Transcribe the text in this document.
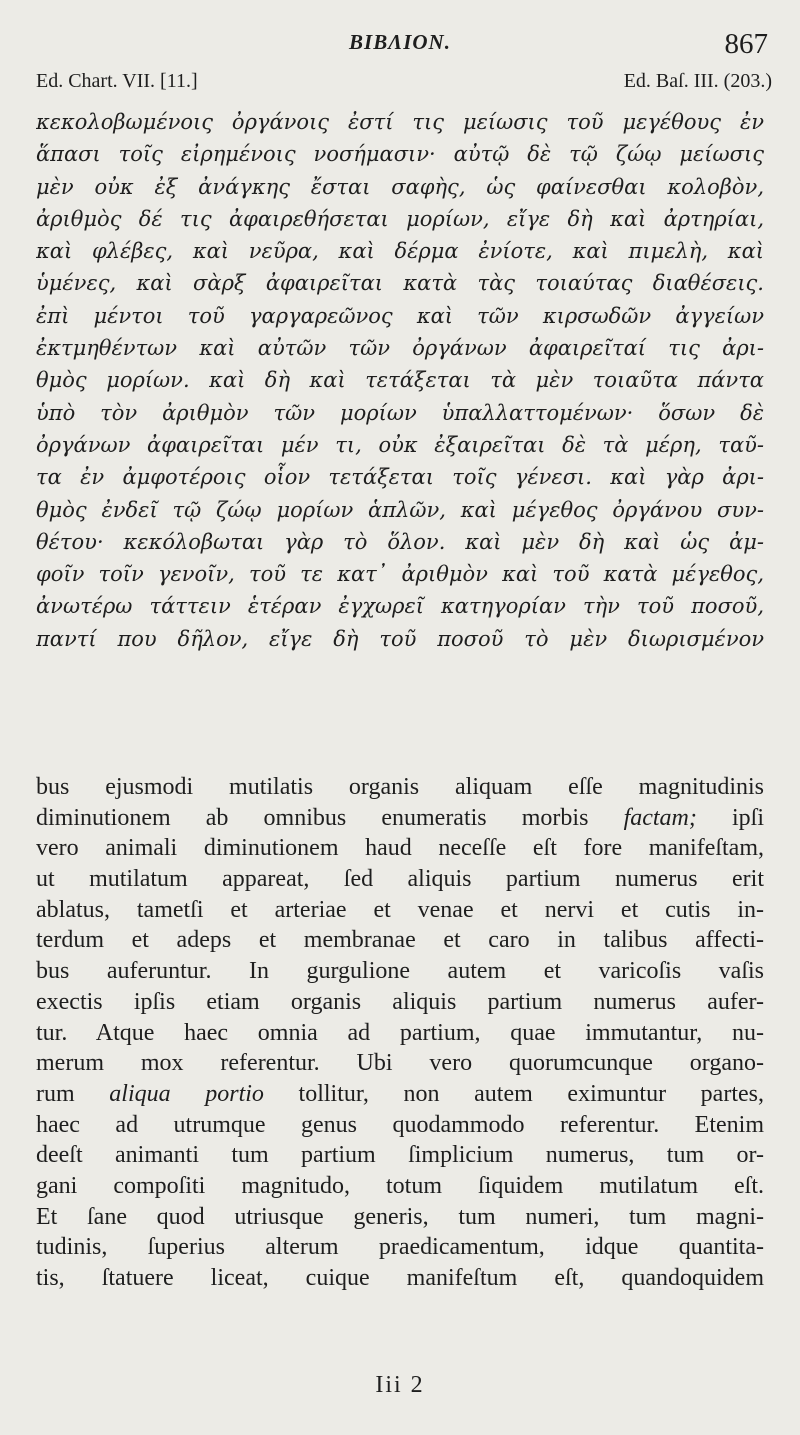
BIBΛION.	867
Ed. Chart. VII. [11.]	Ed. Baſ. III. (203.)
κεκολοβωμένοις ὀργάνοις ἐστί τις μείωσις τοῦ μεγέθους ἐν
ἅπασι τοῖς εἰρημένοις νοσήμασιν· αὐτῷ δὲ τῷ ζώῳ μείωσις
μὲν οὐκ ἐξ ἀνάγκης ἔσται σαφὴς, ὡς φαίνεσθαι κολοβὸν,
ἀριθμὸς δέ τις ἀφαιρεθήσεται μορίων, εἴγε δὴ καὶ ἀρτηρίαι,
καὶ φλέβες, καὶ νεῦρα, καὶ δέρμα ἐνίοτε, καὶ πιμελὴ, καὶ
ὑμένες, καὶ σὰρξ ἀφαιρεῖται κατὰ τὰς τοιαύτας διαθέσεις.
ἐπὶ μέντοι τοῦ γαργαρεῶνος καὶ τῶν κιρσωδῶν ἀγγείων
ἐκτμηθέντων καὶ αὐτῶν τῶν ὀργάνων ἀφαιρεῖταί τις ἀρι-
θμὸς μορίων. καὶ δὴ καὶ τετάξεται τὰ μὲν τοιαῦτα πάντα
ὑπὸ τὸν ἀριθμὸν τῶν μορίων ὑπαλλαττομένων· ὅσων δὲ
ὀργάνων ἀφαιρεῖται μέν τι, οὐκ ἐξαιρεῖται δὲ τὰ μέρη, ταῦ-
τα ἐν ἀμφοτέροις οἷον τετάξεται τοῖς γένεσι. καὶ γὰρ ἀρι-
θμὸς ἐνδεῖ τῷ ζώῳ μορίων ἁπλῶν, καὶ μέγεθος ὀργάνου συν-
θέτου· κεκόλοβωται γὰρ τὸ ὅλον. καὶ μὲν δὴ καὶ ὡς ἀμ-
φοῖν τοῖν γενοῖν, τοῦ τε κατ᾽ ἀριθμὸν καὶ τοῦ κατὰ μέγεθος,
ἀνωτέρω τάττειν ἑτέραν ἐγχωρεῖ κατηγορίαν τὴν τοῦ ποσοῦ,
παντί που δῆλον, εἴγε δὴ τοῦ ποσοῦ τὸ μὲν διωρισμένον
bus ejusmodi mutilatis organis aliquam eſſe magnitudinis
diminutionem ab omnibus enumeratis morbis factam; ipſi
vero animali diminutionem haud neceſſe eſt fore manifeſtam,
ut mutilatum appareat, ſed aliquis partium numerus erit
ablatus, tametſi et arteriae et venae et nervi et cutis in-
terdum et adeps et membranae et caro in talibus affecti-
bus auferuntur. In gurgulione autem et varicoſis vaſis
exectis ipſis etiam organis aliquis partium numerus aufer-
tur. Atque haec omnia ad partium, quae immutantur, nu-
merum mox referentur. Ubi vero quorumcunque organo-
rum aliqua portio tollitur, non autem eximuntur partes,
haec ad utrumque genus quodammodo referentur. Etenim
deeſt animanti tum partium ſimplicium numerus, tum or-
gani compoſiti magnitudo, totum ſiquidem mutilatum eſt.
Et ſane quod utriusque generis, tum numeri, tum magni-
tudinis, ſuperius alterum praedicamentum, idque quantita-
tis, ſtatuere liceat, cuique manifeſtum eſt, quandoquidem
Iii 2
